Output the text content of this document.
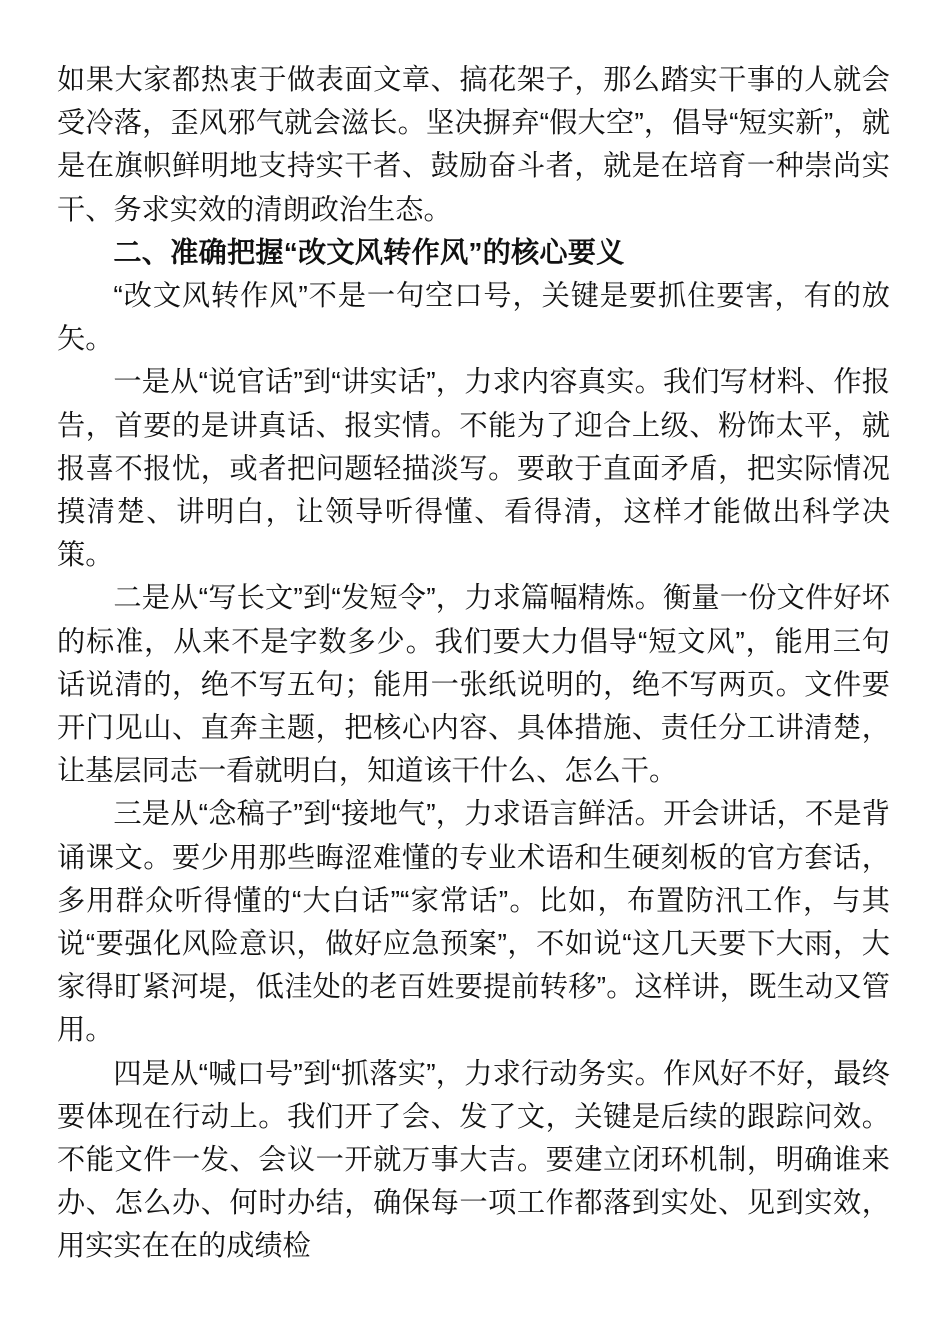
如果大家都热衷于做表面文章、搞花架子，那么踏实干事的人就会受冷落，歪风邪气就会滋长。坚决摒弃“假大空”，倡导“短实新”，就是在旗帜鲜明地支持实干者、鼓励奋斗者，就是在培育一种崇尚实干、务求实效的清朗政治生态。

二、准确把握“改文风转作风”的核心要义

“改文风转作风”不是一句空口号，关键是要抓住要害，有的放矢。

一是从“说官话”到“讲实话”，力求内容真实。我们写材料、作报告，首要的是讲真话、报实情。不能为了迎合上级、粉饰太平，就报喜不报忧，或者把问题轻描淡写。要敢于直面矛盾，把实际情况摸清楚、讲明白，让领导听得懂、看得清，这样才能做出科学决策。

二是从“写长文”到“发短令”，力求篇幅精炼。衡量一份文件好坏的标准，从来不是字数多少。我们要大力倡导“短文风”，能用三句话说清的，绝不写五句；能用一张纸说明的，绝不写两页。文件要开门见山、直奔主题，把核心内容、具体措施、责任分工讲清楚，让基层同志一看就明白，知道该干什么、怎么干。

三是从“念稿子”到“接地气”，力求语言鲜活。开会讲话，不是背诵课文。要少用那些晦涩难懂的专业术语和生硬刻板的官方套话，多用群众听得懂的“大白话”“家常话”。比如，布置防汛工作，与其说“要强化风险意识，做好应急预案”，不如说“这几天要下大雨，大家得盯紧河堤，低洼处的老百姓要提前转移”。这样讲，既生动又管用。

四是从“喊口号”到“抓落实”，力求行动务实。作风好不好，最终要体现在行动上。我们开了会、发了文，关键是后续的跟踪问效。不能文件一发、会议一开就万事大吉。要建立闭环机制，明确谁来办、怎么办、何时办结，确保每一项工作都落到实处、见到实效，用实实在在的成绩检
